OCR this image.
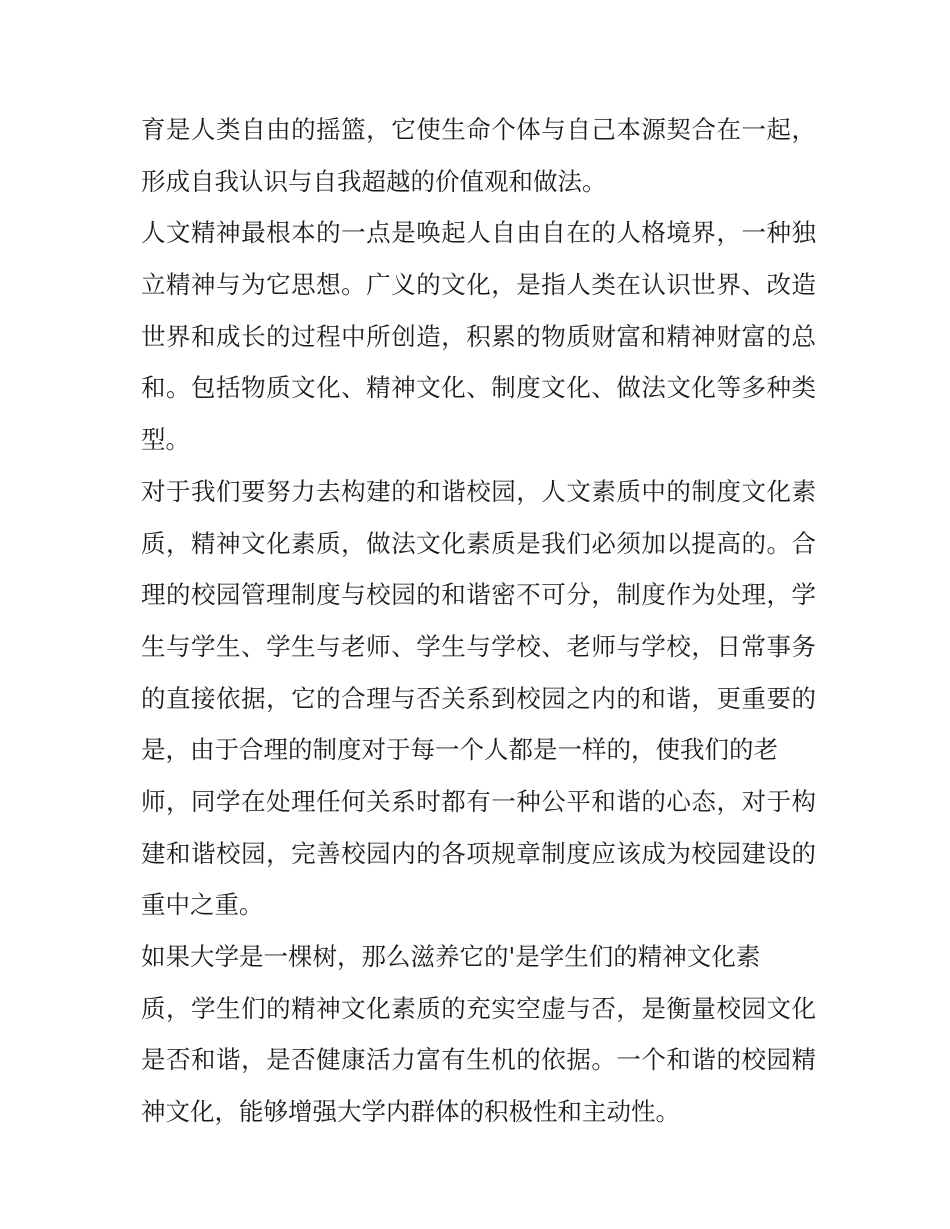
育是人类自由的摇篮，它使生命个体与自己本源契合在一起，
形成自我认识与自我超越的价值观和做法。
人文精神最根本的一点是唤起人自由自在的人格境界，一种独
立精神与为它思想。广义的文化，是指人类在认识世界、改造
世界和成长的过程中所创造，积累的物质财富和精神财富的总
和。包括物质文化、精神文化、制度文化、做法文化等多种类
型。
对于我们要努力去构建的和谐校园，人文素质中的制度文化素
质，精神文化素质，做法文化素质是我们必须加以提高的。合
理的校园管理制度与校园的和谐密不可分，制度作为处理，学
生与学生、学生与老师、学生与学校、老师与学校，日常事务
的直接依据，它的合理与否关系到校园之内的和谐，更重要的
是，由于合理的制度对于每一个人都是一样的，使我们的老
师，同学在处理任何关系时都有一种公平和谐的心态，对于构
建和谐校园，完善校园内的各项规章制度应该成为校园建设的
重中之重。
如果大学是一棵树，那么滋养它的'是学生们的精神文化素
质，学生们的精神文化素质的充实空虚与否，是衡量校园文化
是否和谐，是否健康活力富有生机的依据。一个和谐的校园精
神文化，能够增强大学内群体的积极性和主动性。
